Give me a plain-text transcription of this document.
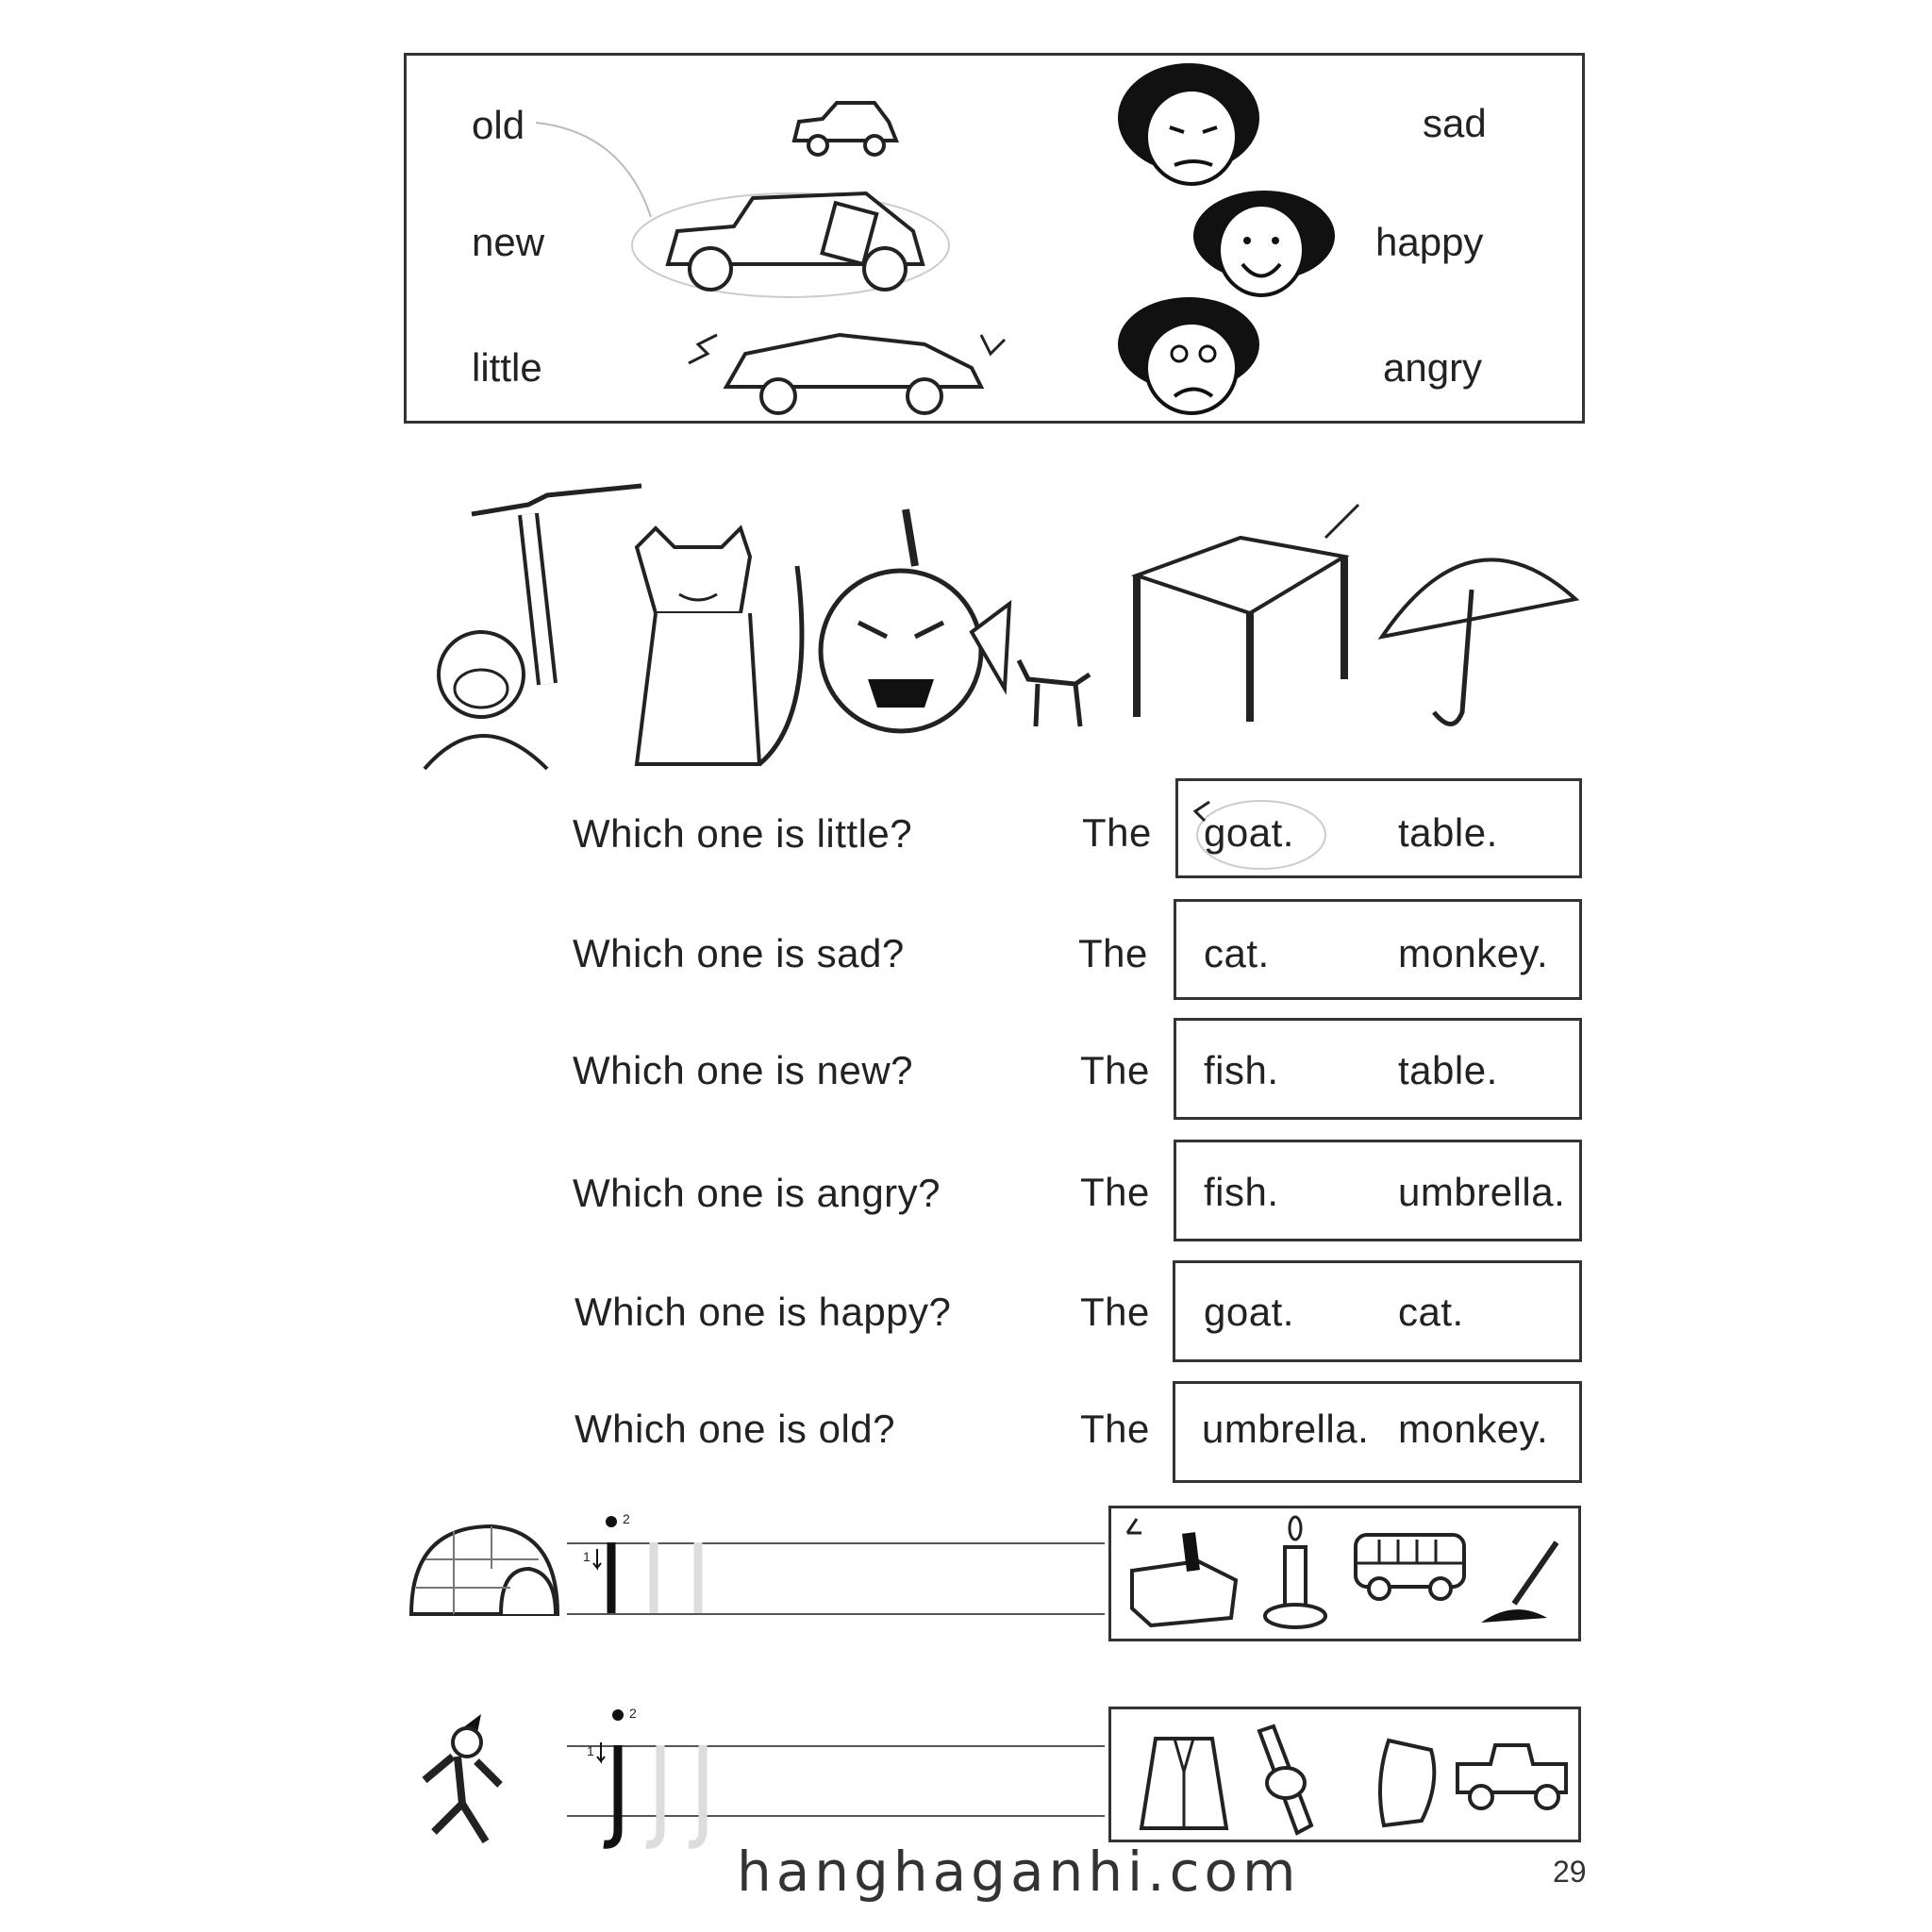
old
new
little
sad
happy
angry
Which one is little?	The goat.	table.
Which one is sad?	The cat.	monkey.
Which one is new?	The fish.	table.
Which one is angry?	The fish.	umbrella.
Which one is happy?	The goat.	cat.
Which one is old?	The umbrella. monkey.
2
1
2
1
hanghaganhi.com	29
